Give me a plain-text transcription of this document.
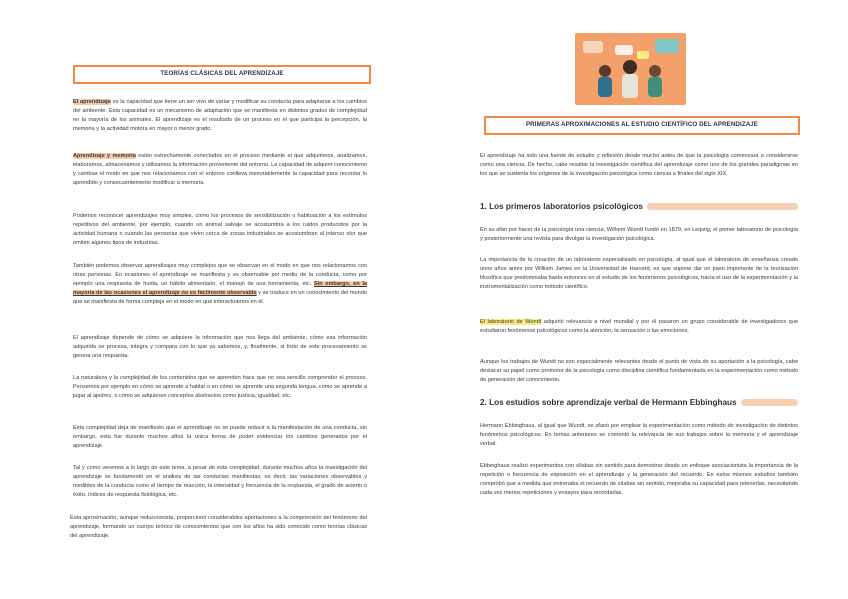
TEORÍAS CLÁSICAS DEL APRENDIZAJE
El aprendizaje es la capacidad que tiene un ser vivo de variar y modificar su conducta para adaptarse a los cambios del ambiente. Esta capacidad es un mecanismo de adaptación que se manifiesta en distintos grados de complejidad en la mayoría de los animales. El aprendizaje es el resultado de un proceso en el que participa la percepción, la memoria y la actividad motora en mayor o menor grado.
Aprendizaje y memoria están estrechamente conectados en el proceso mediante el que adquirimos, analizamos, elaboramos, almacenamos y utilizamos la información proveniente del entorno. La capacidad de adquirir conocimiento y cambiar el modo en que nos relacionamos con el entorno conlleva inexorablemente la capacidad para recordar lo aprendido y consecuentemente modificar a memoria.
Podemos reconocer aprendizajes muy simples, como los procesos de sensibilización o habituación a los estímulos repetitivos del ambiente, por ejemplo, cuando un animal salvaje se acostumbra a los ruidos producidos por la actividad humana o cuando las personas que viven cerca de zonas industriales se acostumbran al intenso olor que emiten algunos tipos de industrias.
También podemos observar aprendizajes muy complejos que se observan en el modo en que nos relacionamos con otras personas. En ocasiones el aprendizaje se manifiesta y es observable por medio de la conducta, como por ejemplo una respuesta de huida, un hábito alimentario, el manejo de una herramienta, etc. Sin embargo, en la mayoría de las ocasiones el aprendizaje no es fácilmente observable y se traduce en un conocimiento del mundo que se manifiesta de forma compleja en el modo en que interactuamos en él.
El aprendizaje depende de cómo se adquiere la información que nos llega del ambiente, cómo esa información adquirida se procesa, integra y compara con lo que ya sabemos, y, finalmente, si fruto de este procesamiento se genera una respuesta.
La naturaleza y la complejidad de los contenidos que se aprenden hace que no sea sencillo comprender el proceso. Pensemos por ejemplo en cómo se aprende a hablar o en cómo se aprende una segunda lengua, cómo se aprende a jugar al ajedrez, o cómo se adquieren conceptos abstractos como justicia, igualdad, etc.
Esta complejidad deja de manifiesto que el aprendizaje no se puede reducir a la manifestación de una conducta, sin embargo, esta fue durante muchos años la única forma de poder evidenciar los cambios generados por el aprendizaje.
Tal y como veremos a lo largo de este tema, a pesar de esta complejidad, durante muchos años la investigación del aprendizaje se fundamentó en el análisis de las conductas manifiestas, es decir, las variaciones observables y medibles de la conducta como el tiempo de reacción, la intensidad y frecuencia de la respuesta, el grado de acierto o éxito, índices de respuesta fisiológica, etc.
Esta aproximación, aunque reduccionista, proporcionó considerables aportaciones a la comprensión del fenómeno del aprendizaje, formando un cuerpo teórico de conocimientos que con los años ha sido conocido como teorías clásicas del aprendizaje.
PRIMERAS APROXIMACIONES AL ESTUDIO CIENTÍFICO DEL APRENDIZAJE
El aprendizaje ha sido una fuente de estudio y reflexión desde mucho antes de que la psicología comenzara a considerarse como una ciencia. De hecho, cabe resaltar la investigación científica del aprendizaje como uno de los grandes paradigmas en los que se sustenta los orígenes de la investigación psicológica como ciencia a finales del siglo XIX.
1. Los primeros laboratorios psicológicos
En su afán por hacer de la psicología una ciencia, Wilhem Wundt fundó en 1879, en Leipzig, el primer laboratorio de psicología y posteriormente una revista para divulgar la investigación psicológica.
La importancia de la creación de un laboratorio especializado en psicología, al igual que el laboratorio de enseñanza creado unos años antes por William James en la Universidad de Harvard, es que supone dar un paso importante de la teorización filosófica que predominaba hasta entonces en el estudio de los fenómenos psicológicos, hacia el uso de la experimentación y la instrumentalización como método científico.
El laboratorio de Wundt adquirió relevancia a nivel mundial y por él pasaron un grupo considerable de investigadores que estudiaron fenómenos psicológicos como la atención, la sensación o las emociones.
Aunque los trabajos de Wundt no son especialmente relevantes desde el punto de vista de su aportación a la psicología, cabe destacar su papel como promotor de la psicología como disciplina científica fundamentada en la experimentación como método de generación del conocimiento.
2. Los estudios sobre aprendizaje verbal de Hermann Ebbinghaus
Hermann Ebbinghaus, al igual que Wundt, se afanó por emplear la experimentación como método de investigación de distintos fenómenos psicológicos. En temas anteriores se comentó la relevancia de sus trabajos sobre la memoria y el aprendizaje verbal.
Ebbinghaus realizó experimentos con sílabas sin sentido para demostrar desde un enfoque asociacionista la importancia de la repetición o frecuencia de exposición en el aprendizaje y la generación del recuerdo. En estos mismos estudios también comprobó que a medida que entrenaba el recuerdo de sílabas sin sentido, mejoraba su capacidad para retenerlas, necesitando cada vez menos repeticiones y ensayos para recordarlas.
